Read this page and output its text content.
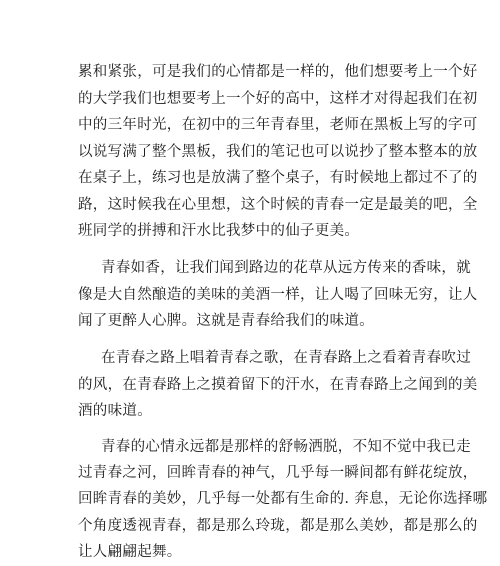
累和紧张，可是我们的心情都是一样的，他们想要考上一个好
的大学我们也想要考上一个好的高中，这样才对得起我们在初
中的三年时光，在初中的三年青春里，老师在黑板上写的字可
以说写满了整个黑板，我们的笔记也可以说抄了整本整本的放
在桌子上，练习也是放满了整个桌子，有时候地上都过不了的
路，这时候我在心里想，这个时候的青春一定是最美的吧，全
班同学的拼搏和汗水比我梦中的仙子更美。
青春如香，让我们闻到路边的花草从远方传来的香味，就
像是大自然酿造的美味的美酒一样，让人喝了回味无穷，让人
闻了更醉人心脾。这就是青春给我们的味道。
在青春之路上唱着青春之歌，在青春路上之看着青春吹过
的风，在青春路上之摸着留下的汗水，在青春路上之闻到的美
酒的味道。
青春的心情永远都是那样的舒畅洒脱，不知不觉中我已走
过青春之河，回眸青春的神气，几乎每一瞬间都有鲜花绽放，
回眸青春的美妙，几乎每一处都有生命的. 奔息，无论你选择哪
个角度透视青春，都是那么玲珑，都是那么美妙，都是那么的
让人翩翩起舞。
